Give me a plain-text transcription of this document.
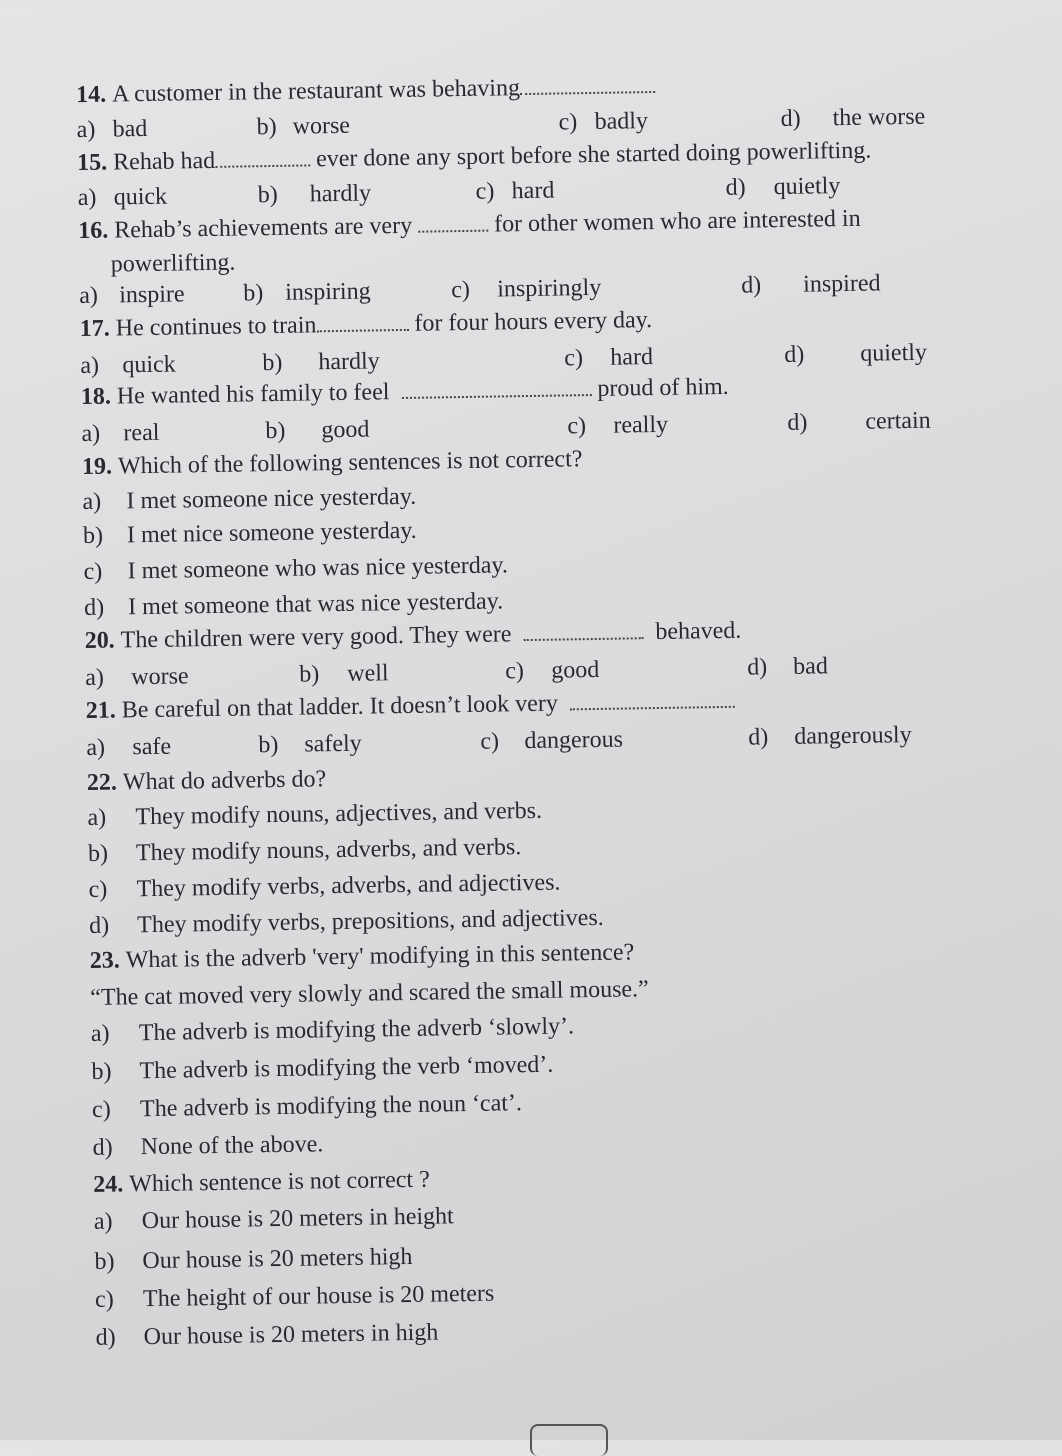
14. A customer in the restaurant was behaving
a) bad	b) worse	c) badly	d) the worse
15. Rehab had	ever done any sport before she started doing powerlifting.
a) quick	b) hardly	c) hard	d) quietly
16. Rehab’s achievements are very	for other women who are interested in
powerlifting.
a) inspire b) inspiring	c) inspiringly	d) inspired
17. He continues to train	for four hours every day.
a) quick	b) hardly	c) hard	d) quietly
18. He wanted his family to feel	proud of him.
a) real	b) good	c) really	d) certain
19. Which of the following sentences is not correct?
a) I met someone nice yesterday.
b) I met nice someone yesterday.
c) I met someone who was nice yesterday.
d) I met someone that was nice yesterday.
20. The children were very good. They were	behaved.
a) worse	b) well	c) good	d) bad
21. Be careful on that ladder. It doesn’t look very
a) safe	b) safely	c) dangerous	d) dangerously
22. What do adverbs do?
a) They modify nouns, adjectives, and verbs.
b) They modify nouns, adverbs, and verbs.
c) They modify verbs, adverbs, and adjectives.
d) They modify verbs, prepositions, and adjectives.
23. What is the adverb 'very' modifying in this sentence?
“The cat moved very slowly and scared the small mouse.”
a) The adverb is modifying the adverb ‘slowly’.
b) The adverb is modifying the verb ‘moved’.
c) The adverb is modifying the noun ‘cat’.
d) None of the above.
24. Which sentence is not correct ?
a) Our house is 20 meters in height
b) Our house is 20 meters high
c) The height of our house is 20 meters
d) Our house is 20 meters in high
